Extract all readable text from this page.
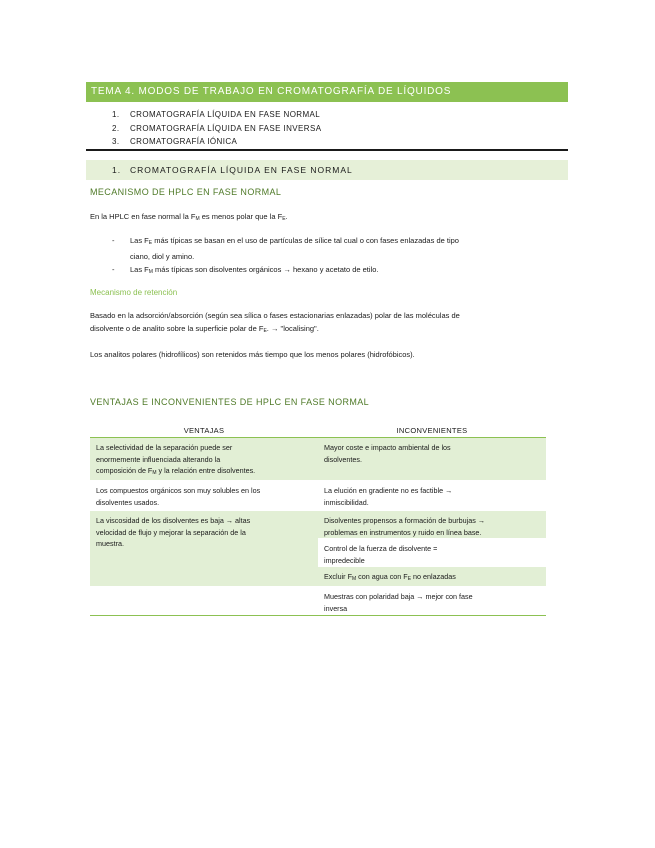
TEMA 4. MODOS DE TRABAJO EN CROMATOGRAFÍA DE LÍQUIDOS
1. CROMATOGRAFÍA LÍQUIDA EN FASE NORMAL
2. CROMATOGRAFÍA LÍQUIDA EN FASE INVERSA
3. CROMATOGRAFÍA IÓNICA
1. CROMATOGRAFÍA LÍQUIDA EN FASE NORMAL
MECANISMO DE HPLC EN FASE NORMAL
En la HPLC en fase normal la $F_M$ es menos polar que la $F_E$.
- Las $F_E$ más típicas se basan en el uso de partículas de sílice tal cual o con fases enlazadas de tipo
ciano, diol y amino.
- Las $F_M$ más típicas son disolventes orgánicos → hexano y acetato de etilo.
Mecanismo de retención
Basado en la adsorción/absorción (según sea sílica o fases estacionarias enlazadas) polar de las moléculas de
disolvente o de analito sobre la superficie polar de $F_E$. → "localising".
Los analitos polares (hidrofílicos) son retenidos más tiempo que los menos polares (hidrofóbicos).
VENTAJAS E INCONVENIENTES DE HPLC EN FASE NORMAL
VENTAJAS	INCONVENIENTES
La selectividad de la separación puede ser
enormemente influenciada alterando la
composición de $F_M$ y la relación entre disolventes.
Los compuestos orgánicos son muy solubles en los
disolventes usados.
La viscosidad de los disolventes es baja → altas
velocidad de flujo y mejorar la separación de la
muestra.
Mayor coste e impacto ambiental de los
disolventes.
La elución en gradiente no es factible →
inmiscibilidad.
Disolventes propensos a formación de burbujas →
problemas en instrumentos y ruido en línea base.
Control de la fuerza de disolvente =
impredecible
Excluir $F_M$ con agua con $F_E$ no enlazadas
Muestras con polaridad baja → mejor con fase
inversa
